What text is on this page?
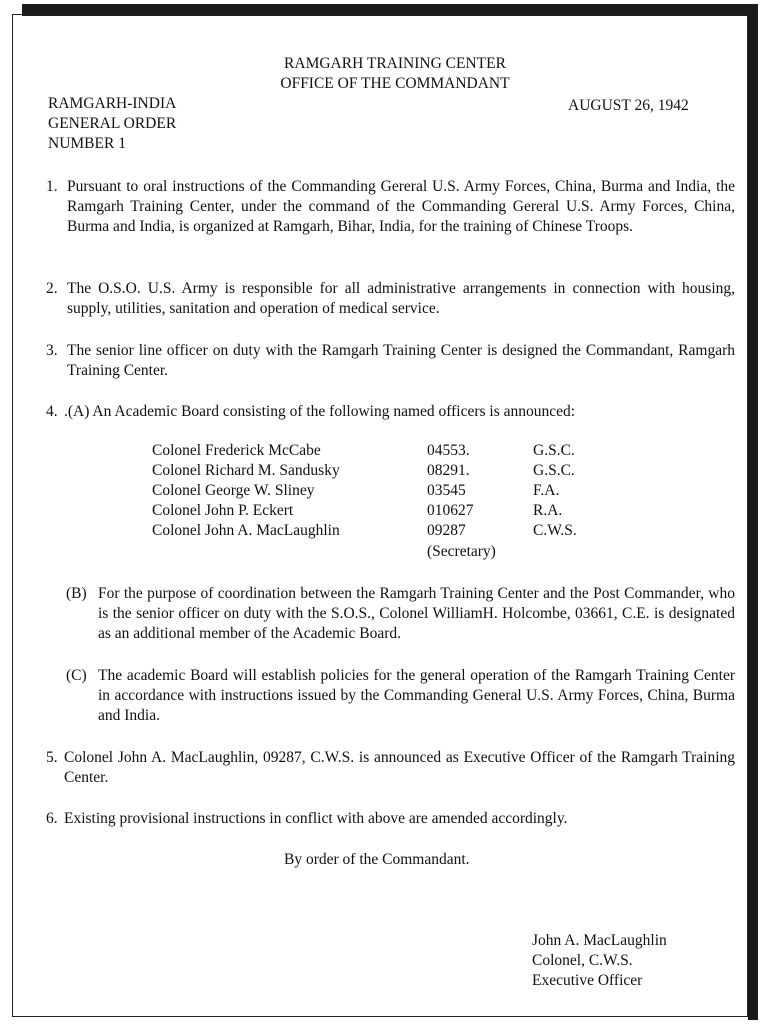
RAMGARH TRAINING CENTER
OFFICE OF THE COMMANDANT
RAMGARH-INDIA
GENERAL ORDER
NUMBER 1
AUGUST 26, 1942
1. Pursuant to oral instructions of the Commanding Gereral U.S. Army Forces, China, Burma and India, the Ramgarh Training Center, under the command of the Commanding Gereral U.S. Army Forces, China, Burma and India, is organized at Ramgarh, Bihar, India, for the training of Chinese Troops.
2. The O.S.O. U.S. Army is responsible for all administrative arrangements in connection with housing, supply, utilities, sanitation and operation of medical service.
3. The senior line officer on duty with the Ramgarh Training Center is designed the Commandant, Ramgarh Training Center.
4. .(A) An Academic Board consisting of the following named officers is announced:
Colonel Frederick McCabe	04553.	G.S.C.
Colonel Richard M. Sandusky	08291.	G.S.C.
Colonel George W. Sliney	03545	F.A.
Colonel John P. Eckert	010627	R.A.
Colonel John A. MacLaughlin	09287	C.W.S.
(Secretary)
(B) For the purpose of coordination between the Ramgarh Training Center and the Post Commander, who is the senior officer on duty with the S.O.S., Colonel WilliamH. Holcombe, 03661, C.E. is designated as an additional member of the Academic Board.
(C) The academic Board will establish policies for the general operation of the Ramgarh Training Center in accordance with instructions issued by the Commanding General U.S. Army Forces, China, Burma and India.
5. Colonel John A. MacLaughlin, 09287, C.W.S. is announced as Executive Officer of the Ramgarh Training Center.
6. Existing provisional instructions in conflict with above are amended accordingly.
By order of the Commandant.
John A. MacLaughlin
Colonel, C.W.S.
Executive Officer
